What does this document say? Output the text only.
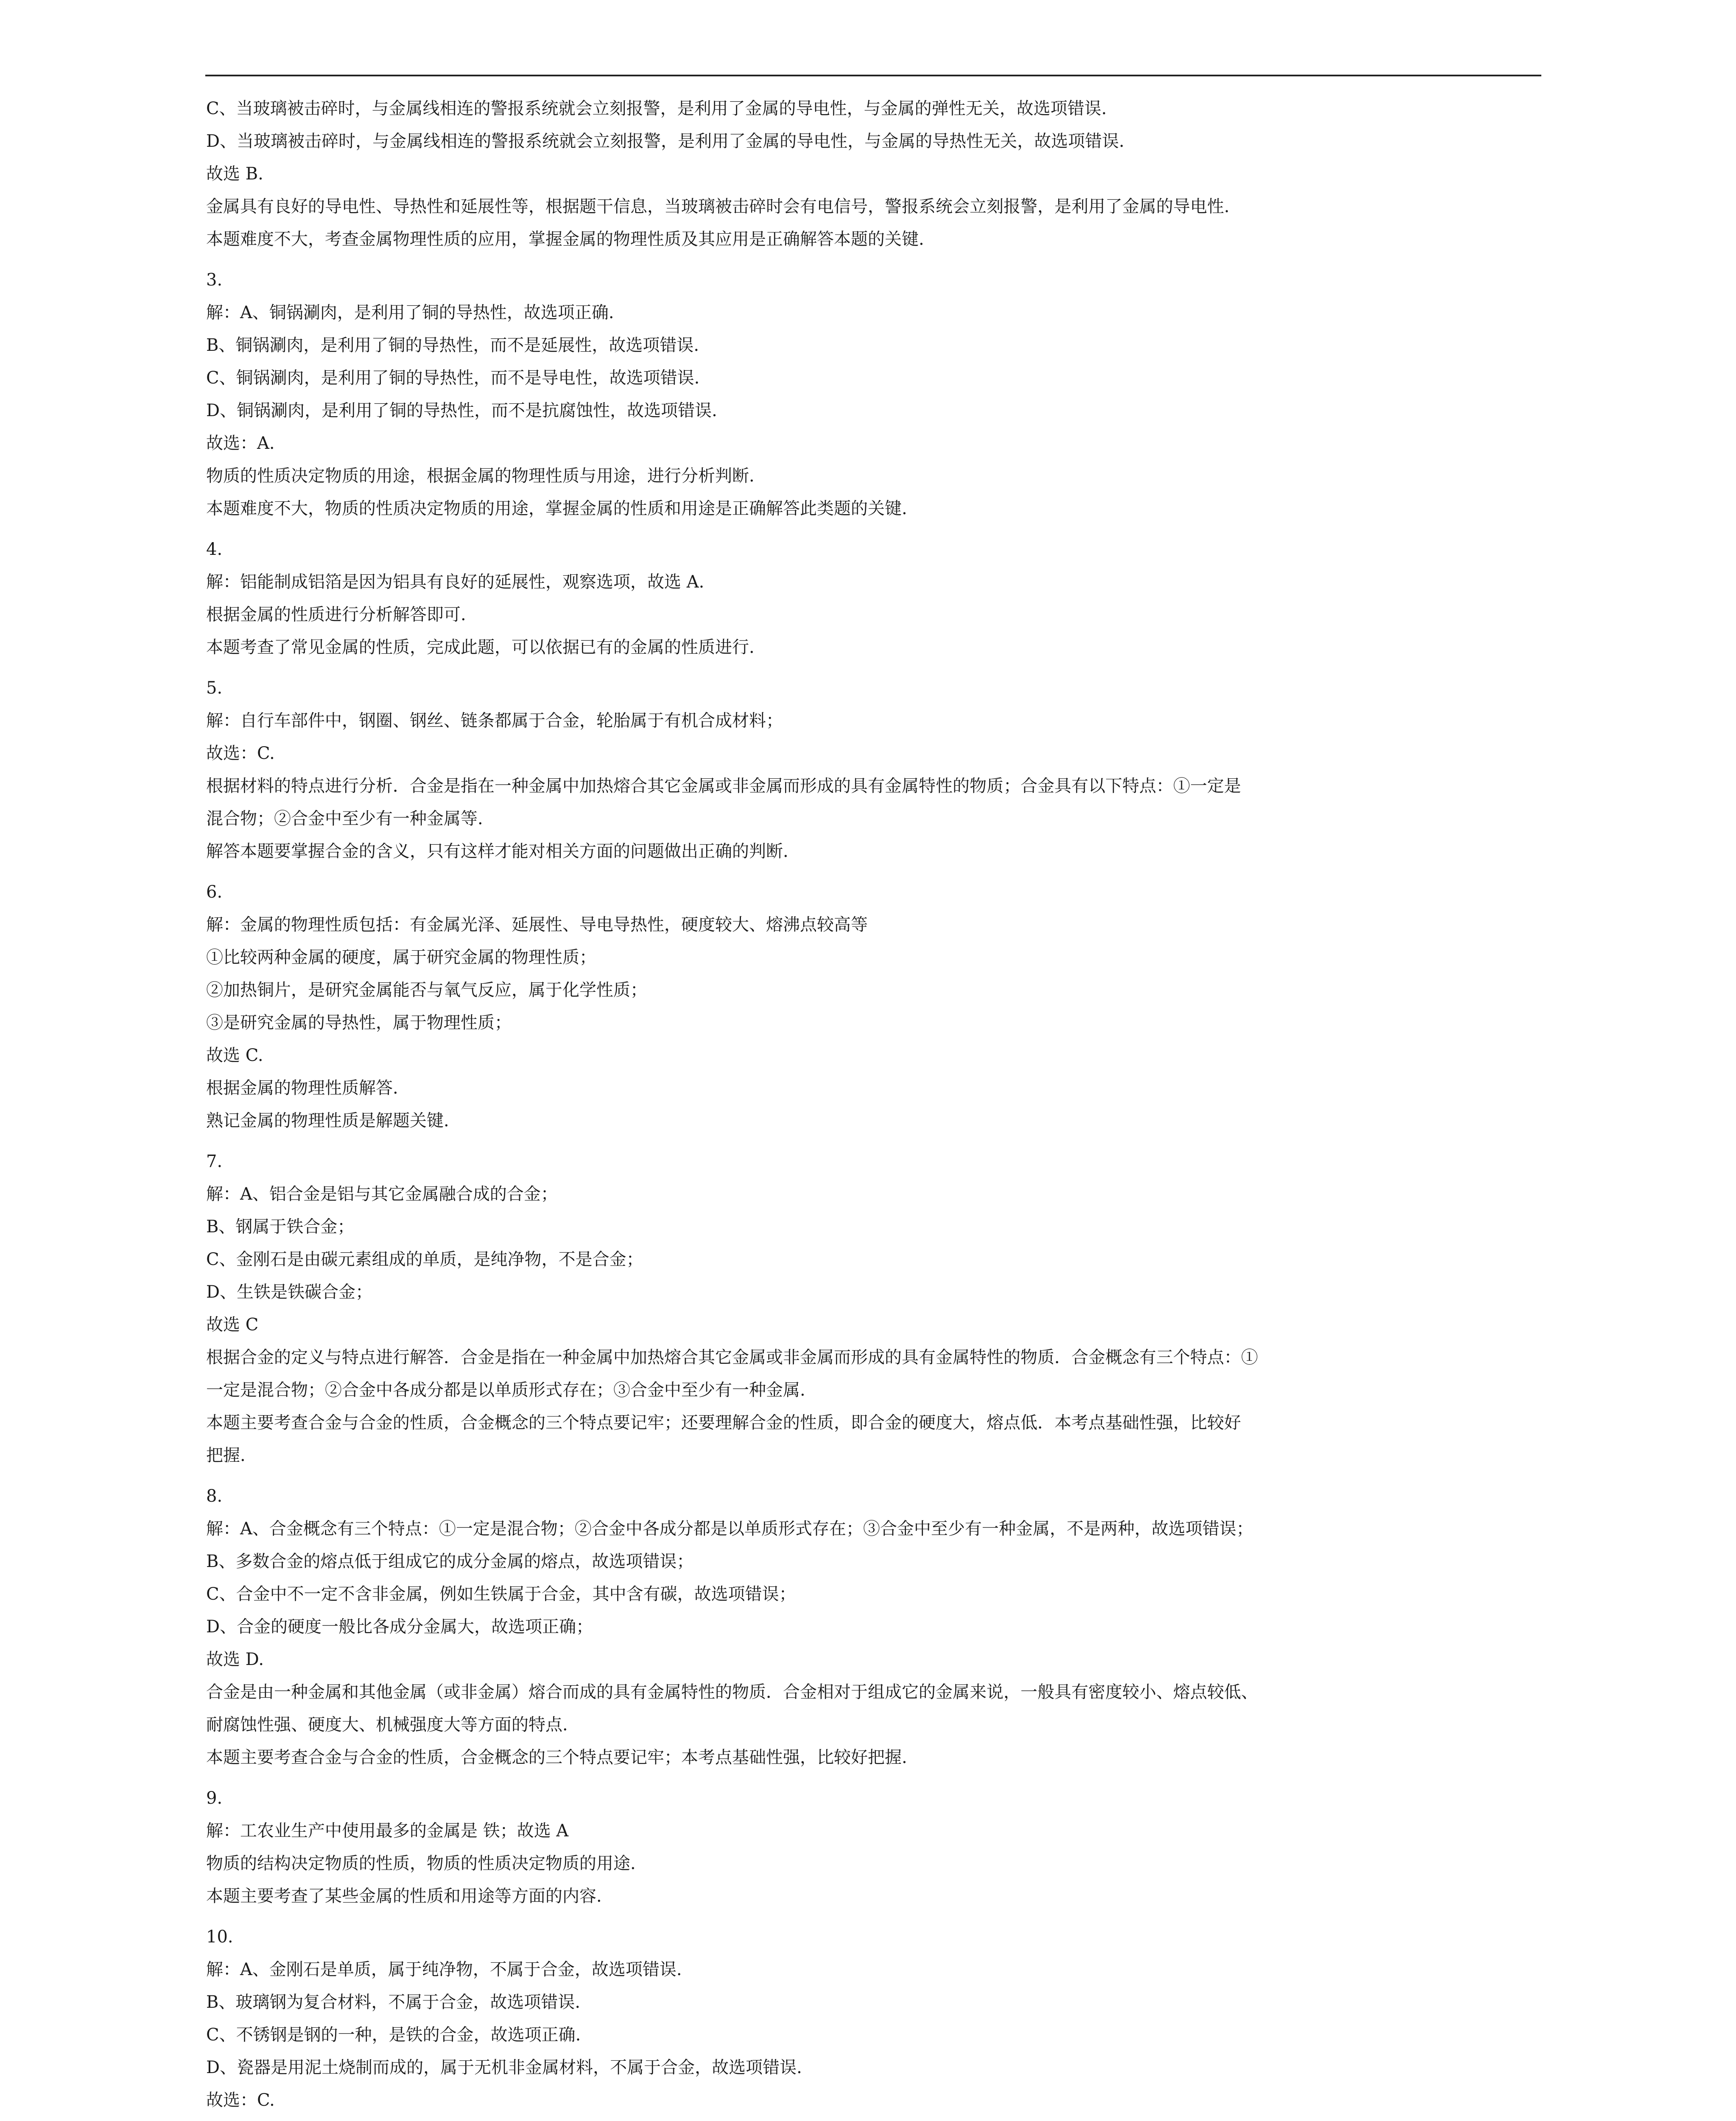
C、当玻璃被击碎时，与金属线相连的警报系统就会立刻报警，是利用了金属的导电性，与金属的弹性无关，故选项错误.
D、当玻璃被击碎时，与金属线相连的警报系统就会立刻报警，是利用了金属的导电性，与金属的导热性无关，故选项错误.
故选 B.
金属具有良好的导电性、导热性和延展性等，根据题干信息，当玻璃被击碎时会有电信号，警报系统会立刻报警，是利用了金属的导电性.
本题难度不大，考查金属物理性质的应用，掌握金属的物理性质及其应用是正确解答本题的关键.
3.
解：A、铜锅涮肉，是利用了铜的导热性，故选项正确.
B、铜锅涮肉，是利用了铜的导热性，而不是延展性，故选项错误.
C、铜锅涮肉，是利用了铜的导热性，而不是导电性，故选项错误.
D、铜锅涮肉，是利用了铜的导热性，而不是抗腐蚀性，故选项错误.
故选：A.
物质的性质决定物质的用途，根据金属的物理性质与用途，进行分析判断.
本题难度不大，物质的性质决定物质的用途，掌握金属的性质和用途是正确解答此类题的关键.
4.
解：铝能制成铝箔是因为铝具有良好的延展性，观察选项，故选 A.
根据金属的性质进行分析解答即可.
本题考查了常见金属的性质，完成此题，可以依据已有的金属的性质进行.
5.
解：自行车部件中，钢圈、钢丝、链条都属于合金，轮胎属于有机合成材料；
故选：C.
根据材料的特点进行分析．合金是指在一种金属中加热熔合其它金属或非金属而形成的具有金属特性的物质；合金具有以下特点：①一定是
混合物；②合金中至少有一种金属等.
解答本题要掌握合金的含义，只有这样才能对相关方面的问题做出正确的判断.
6.
解：金属的物理性质包括：有金属光泽、延展性、导电导热性，硬度较大、熔沸点较高等
①比较两种金属的硬度，属于研究金属的物理性质；
②加热铜片，是研究金属能否与氧气反应，属于化学性质；
③是研究金属的导热性，属于物理性质；
故选 C.
根据金属的物理性质解答.
熟记金属的物理性质是解题关键.
7.
解：A、铝合金是铝与其它金属融合成的合金；
B、钢属于铁合金；
C、金刚石是由碳元素组成的单质，是纯净物，不是合金；
D、生铁是铁碳合金；
故选 C
根据合金的定义与特点进行解答．合金是指在一种金属中加热熔合其它金属或非金属而形成的具有金属特性的物质．合金概念有三个特点：①
一定是混合物；②合金中各成分都是以单质形式存在；③合金中至少有一种金属.
本题主要考查合金与合金的性质，合金概念的三个特点要记牢；还要理解合金的性质，即合金的硬度大，熔点低．本考点基础性强，比较好
把握.
8.
解：A、合金概念有三个特点：①一定是混合物；②合金中各成分都是以单质形式存在；③合金中至少有一种金属，不是两种，故选项错误；
B、多数合金的熔点低于组成它的成分金属的熔点，故选项错误；
C、合金中不一定不含非金属，例如生铁属于合金，其中含有碳，故选项错误；
D、合金的硬度一般比各成分金属大，故选项正确；
故选 D.
合金是由一种金属和其他金属（或非金属）熔合而成的具有金属特性的物质．合金相对于组成它的金属来说，一般具有密度较小、熔点较低、
耐腐蚀性强、硬度大、机械强度大等方面的特点.
本题主要考查合金与合金的性质，合金概念的三个特点要记牢；本考点基础性强，比较好把握.
9.
解：工农业生产中使用最多的金属是 铁；故选 A
物质的结构决定物质的性质，物质的性质决定物质的用途.
本题主要考查了某些金属的性质和用途等方面的内容.
10.
解：A、金刚石是单质，属于纯净物，不属于合金，故选项错误.
B、玻璃钢为复合材料，不属于合金，故选项错误.
C、不锈钢是钢的一种，是铁的合金，故选项正确.
D、瓷器是用泥土烧制而成的，属于无机非金属材料，不属于合金，故选项错误.
故选：C.
